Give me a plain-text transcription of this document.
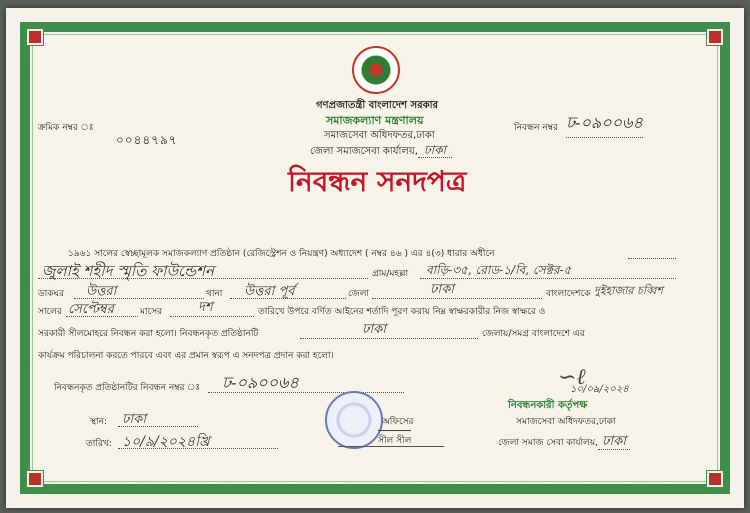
গণপ্রজাতন্ত্রী বাংলাদেশ সরকার
সমাজকল্যাণ মন্ত্রণালয়
সমাজসেবা অধিদফতর,ঢাকা
জেলা সমাজসেবা কার্যালয়, ঢাকা
নিবন্ধন সনদপত্র
ক্রমিক নম্বর ঃ
০০৪৪৭৯৭
নিবন্ধন নম্বর ঢ-০৯০০৬৪
১৯৬১ সালের স্বেচ্ছামূলক সমাজকল্যাণ প্রতিষ্ঠান (রেজিস্ট্রেশন ও নিয়ন্ত্রণ) অধ্যাদেশ ( নম্বর ৪৬ ) এর ৪(৩) ধারার অধীনে
জুলাই শহীদ স্মৃতি ফাউন্ডেশন	গ্রাম/মহল্লা বাড়ি-৩৫, রোড-১/বি, সেক্টর-৫
ডাকঘর উত্তরা	থানা উত্তরা পূর্ব	জেলা	ঢাকা	বাংলাদেশকে দুইহাজার চব্বিশ
সালের সেপ্টেম্বর	মাসের	দশ	তারিখে উপরে বর্ণিত আইনের শর্তাদি পূরণ করায় নিম্ন স্বাক্ষরকারীর নিজ স্বাক্ষরে ও
সরকারী সীলমোহরে নিবন্ধন করা হলো। নিবন্ধনকৃত প্রতিষ্ঠানটি	ঢাকা	জেলায়/সমগ্র বাংলাদেশে এর
কার্যক্রম পরিচালনা করতে পারবে এবং এর প্রমান স্বরূপ এ সনদপত্র প্রদান করা হলো।
নিবন্ধনকৃত প্রতিষ্ঠানটির নিবন্ধন নম্বর ঃ ঢ-০৯০০৬৪
স্থান: ঢাকা
তারিখ: ১০/৯/২০২৪খ্রি
অফিসের
সীল সীল
∽ℓ
১০/০৯/২০২৪
নিবন্ধনকারী কর্তৃপক্ষ
সমাজসেবা অধিদফতর,ঢাকা
জেলা সমাজ সেবা কার্যালয়, ঢাকা
